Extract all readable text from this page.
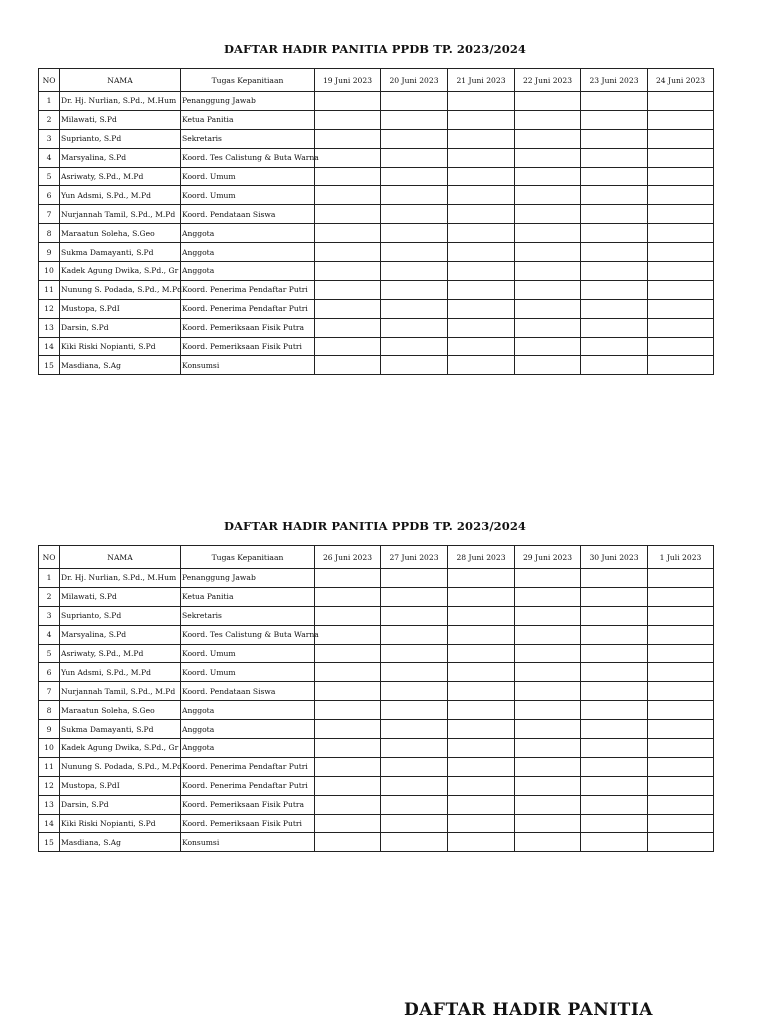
DAFTAR HADIR PANITIA PPDB TP. 2023/2024
NO	NAMA	Tugas Kepanitiaan	19 Juni 2023	20 Juni 2023	21 Juni 2023	22 Juni 2023	23 Juni 2023	24 Juni 2023
1	Dr. Hj. Nurlian, S.Pd., M.Hum	Penanggung Jawab						
2	Milawati, S.Pd	Ketua Panitia						
3	Suprianto, S.Pd	Sekretaris						
4	Marsyalina, S.Pd	Koord. Tes Calistung & Buta Warna						
5	Asriwaty, S.Pd., M.Pd	Koord. Umum						
6	Yun Adsmi, S.Pd., M.Pd	Koord. Umum						
7	Nurjannah Tamil, S.Pd., M.Pd	Koord. Pendataan Siswa						
8	Maraatun Soleha, S.Geo	Anggota						
9	Sukma Damayanti, S.Pd	Anggota						
10	Kadek Agung Dwika, S.Pd., Gr	Anggota						
11	Nunung S. Podada, S.Pd., M.Pd	Koord. Penerima Pendaftar Putri						
12	Mustopa, S.PdI	Koord. Penerima Pendaftar Putri						
13	Darsin, S.Pd	Koord. Pemeriksaan Fisik Putra						
14	Kiki Riski Nopianti, S.Pd	Koord. Pemeriksaan Fisik Putri						
15	Masdiana, S.Ag	Konsumsi						
DAFTAR HADIR PANITIA PPDB TP. 2023/2024
NO	NAMA	Tugas Kepanitiaan	26 Juni 2023	27 Juni 2023	28 Juni 2023	29 Juni 2023	30 Juni 2023	1 Juli 2023
1	Dr. Hj. Nurlian, S.Pd., M.Hum	Penanggung Jawab						
2	Milawati, S.Pd	Ketua Panitia						
3	Suprianto, S.Pd	Sekretaris						
4	Marsyalina, S.Pd	Koord. Tes Calistung & Buta Warna						
5	Asriwaty, S.Pd., M.Pd	Koord. Umum						
6	Yun Adsmi, S.Pd., M.Pd	Koord. Umum						
7	Nurjannah Tamil, S.Pd., M.Pd	Koord. Pendataan Siswa						
8	Maraatun Soleha, S.Geo	Anggota						
9	Sukma Damayanti, S.Pd	Anggota						
10	Kadek Agung Dwika, S.Pd., Gr	Anggota						
11	Nunung S. Podada, S.Pd., M.Pd	Koord. Penerima Pendaftar Putri						
12	Mustopa, S.PdI	Koord. Penerima Pendaftar Putri						
13	Darsin, S.Pd	Koord. Pemeriksaan Fisik Putra						
14	Kiki Riski Nopianti, S.Pd	Koord. Pemeriksaan Fisik Putri						
15	Masdiana, S.Ag	Konsumsi						
DAFTAR HADIR PANITIA
